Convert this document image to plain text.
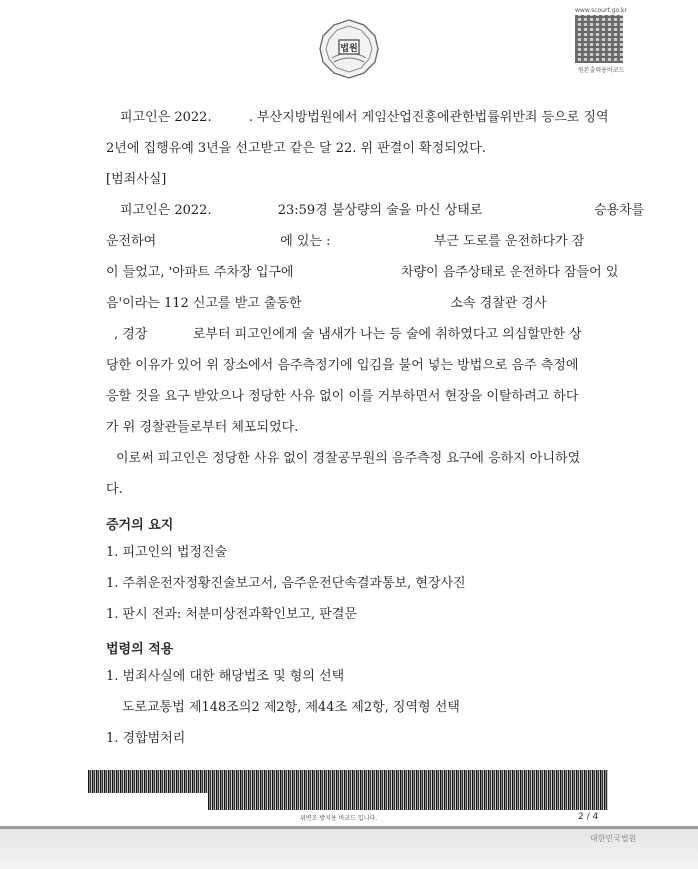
www.scourt.go.kr
원본출력용바코드
법원
피고인은 2022.         . 부산지방법원에서 게임산업진흥에관한법률위반죄 등으로 징역
2년에 집행유예 3년을 선고받고 같은 달 22. 위 판결이 확정되었다.
[범죄사실]
피고인은 2022.                23:59경 불상량의 술을 마신 상태로                           승용차를
운전하여                              에 있는 :                         부근 도로를 운전하다가 잠
이 들었고, '아파트 주차장 입구에                          차량이 음주상태로 운전하다 잠들어 있
음'이라는 112 신고를 받고 출동한                                    소속 경찰관 경사
, 경장           로부터 피고인에게 술 냄새가 나는 등 술에 취하였다고 의심할만한 상
당한 이유가 있어 위 장소에서 음주측정기에 입김을 불어 넣는 방법으로 음주 측정에
응할 것을 요구 받았으나 정당한 사유 없이 이를 거부하면서 현장을 이탈하려고 하다
가 위 경찰관들로부터 체포되었다.
이로써 피고인은 정당한 사유 없이 경찰공무원의 음주측정 요구에 응하지 아니하였
다.
증거의 요지
1. 피고인의 법정진술
1. 주취운전자정황진술보고서, 음주운전단속결과통보, 현장사진
1. 판시 전과: 처분미상전과확인보고, 판결문
법령의 적용
1. 범죄사실에 대한 해당법조 및 형의 선택
도로교통법 제148조의2 제2항, 제44조 제2항, 징역형 선택
1. 경합범처리
위변조 방지용 바코드 입니다.	2 / 4
대한민국법원
